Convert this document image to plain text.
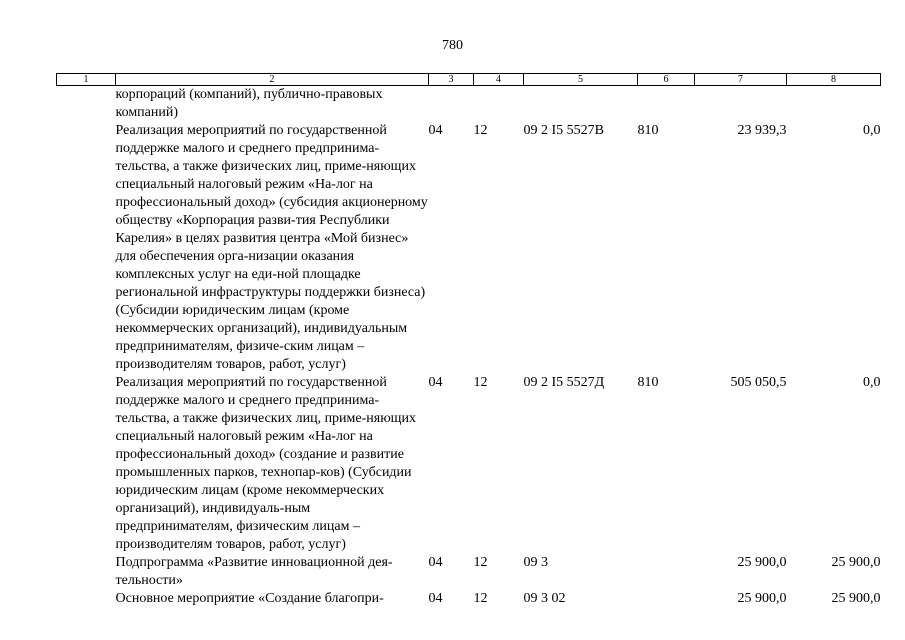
780
1	2	3	4	5	6	7	8
	корпораций (компаний), публично-правовых компаний)						
	Реализация мероприятий по государственной поддержке малого и среднего предпринима-тельства, а также физических лиц, приме-няющих специальный налоговый режим «На-лог на профессиональный доход» (субсидия акционерному обществу «Корпорация разви-тия Республики Карелия» в целях развития центра «Мой бизнес» для обеспечения орга-низации оказания комплексных услуг на еди-ной площадке региональной инфраструктуры поддержки бизнеса) (Субсидии юридическим лицам (кроме некоммерческих организаций), индивидуальным предпринимателям, физиче-ским лицам – производителям товаров, работ, услуг)	04	12	09 2 I5 5527В	810	23 939,3	0,0
	Реализация мероприятий по государственной поддержке малого и среднего предпринима-тельства, а также физических лиц, приме-няющих специальный налоговый режим «На-лог на профессиональный доход» (создание и развитие промышленных парков, технопар-ков) (Субсидии юридическим лицам (кроме некоммерческих организаций), индивидуаль-ным предпринимателям, физическим лицам – производителям товаров, работ, услуг)	04	12	09 2 I5 5527Д	810	505 050,5	0,0
	Подпрограмма «Развитие инновационной дея-тельности»	04	12	09 3		25 900,0	25 900,0
	Основное мероприятие «Создание благопри-	04	12	09 3 02		25 900,0	25 900,0
